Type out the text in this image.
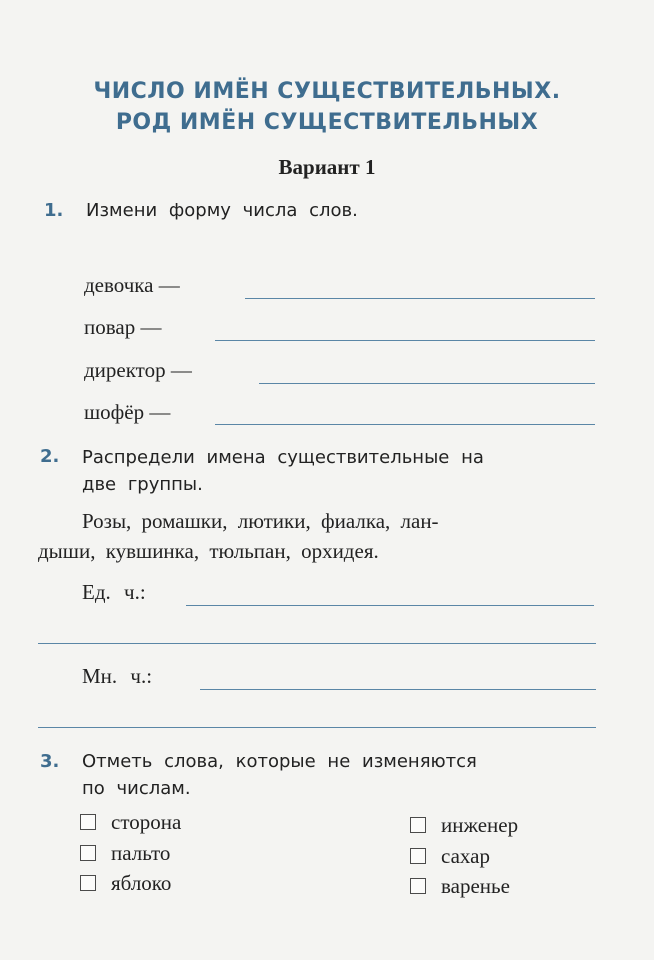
ЧИСЛО ИМЁН СУЩЕСТВИТЕЛЬНЫХ.
РОД ИМЁН СУЩЕСТВИТЕЛЬНЫХ
Вариант 1
1. Измени форму числа слов.
девочка —
повар —
директор —
шофёр —
2. Распредели имена существительные на
две группы.
Розы, ромашки, лютики, фиалка, лан-
дыши, кувшинка, тюльпан, орхидея.
Ед. ч.:
Мн. ч.:
3. Отметь слова, которые не изменяются
по числам.
сторона
пальто
яблоко
инженер
сахар
варенье
